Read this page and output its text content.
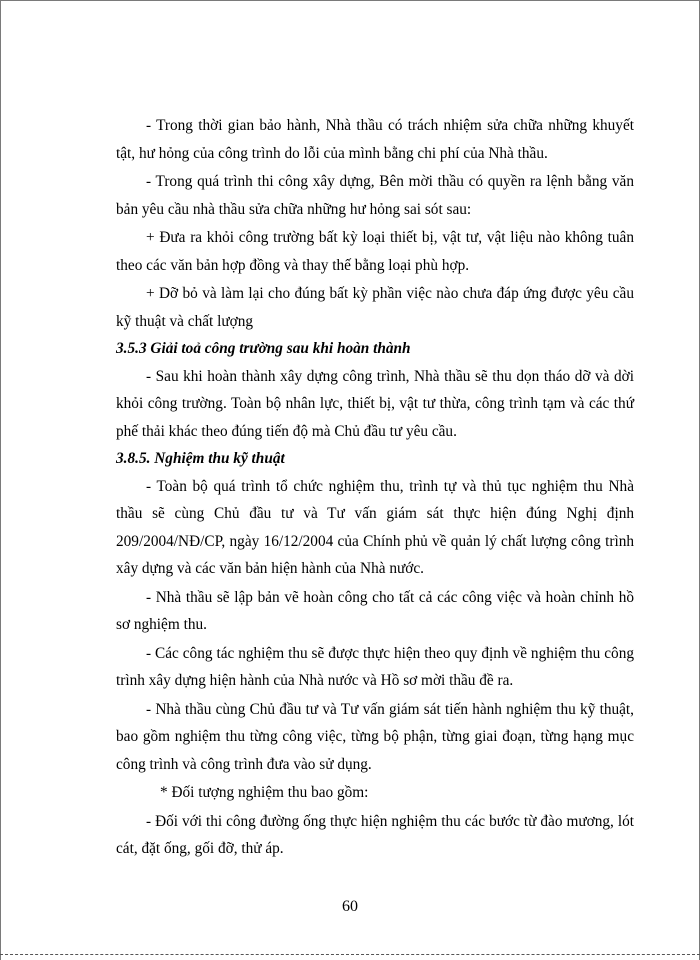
- Trong thời gian bảo hành, Nhà thầu có trách nhiệm sửa chữa những khuyết tật, hư hỏng của công trình do lỗi của mình bằng chi phí của Nhà thầu.

- Trong quá trình thi công xây dựng, Bên mời thầu có quyền ra lệnh bằng văn bản yêu cầu nhà thầu sửa chữa những hư hỏng sai sót sau:

+ Đưa ra khỏi công trường bất kỳ loại thiết bị, vật tư, vật liệu nào không tuân theo các văn bản hợp đồng và thay thế bằng loại phù hợp.

+ Dỡ bỏ và làm lại cho đúng bất kỳ phần việc nào chưa đáp ứng được yêu cầu kỹ thuật và chất lượng

3.5.3 Giải toả công trường sau khi hoàn thành

- Sau khi hoàn thành xây dựng công trình, Nhà thầu sẽ thu dọn tháo dỡ và dời khỏi công trường. Toàn bộ nhân lực, thiết bị, vật tư thừa, công trình tạm và các thứ phế thải khác theo đúng tiến độ mà Chủ đầu tư yêu cầu.

3.8.5. Nghiệm thu kỹ thuật

- Toàn bộ quá trình tổ chức nghiệm thu, trình tự và thủ tục nghiệm thu Nhà thầu sẽ cùng Chủ đầu tư và Tư vấn giám sát thực hiện đúng Nghị định 209/2004/NĐ/CP, ngày 16/12/2004 của Chính phủ về quản lý chất lượng công trình xây dựng và các văn bản hiện hành của Nhà nước.

- Nhà thầu sẽ lập bản vẽ hoàn công cho tất cả các công việc và hoàn chỉnh hồ sơ nghiệm thu.

- Các công tác nghiệm thu sẽ được thực hiện theo quy định về nghiệm thu công trình xây dựng hiện hành của Nhà nước và Hồ sơ mời thầu đề ra.

- Nhà thầu cùng Chủ đầu tư và Tư vấn giám sát tiến hành nghiệm thu kỹ thuật, bao gồm nghiệm thu từng công việc, từng bộ phận, từng giai đoạn, từng hạng mục công trình và công trình đưa vào sử dụng.

* Đối tượng nghiệm thu bao gồm:

- Đối với thi công đường ống thực hiện nghiệm thu các bước từ đào mương, lót cát, đặt ống, gối đỡ, thử áp.

60
